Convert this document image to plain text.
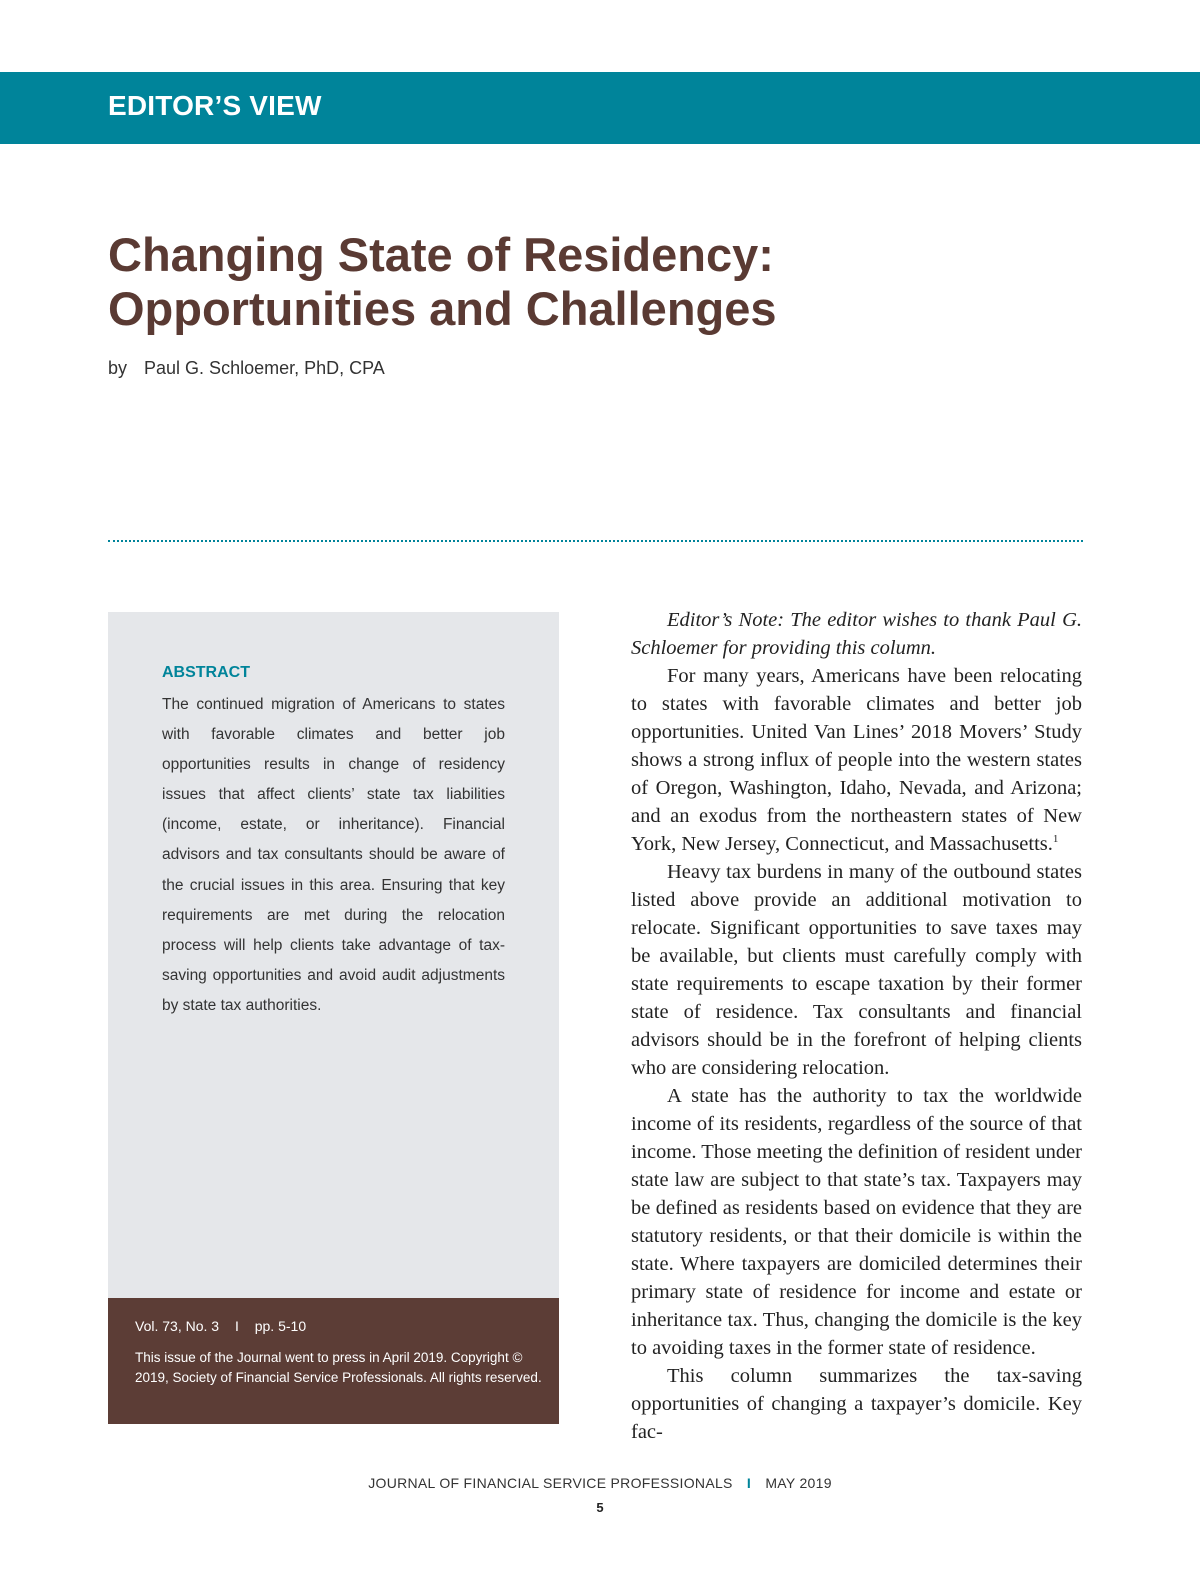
EDITOR’S VIEW
Changing State of Residency: Opportunities and Challenges
by Paul G. Schloemer, PhD, CPA
ABSTRACT

The continued migration of Americans to states with favorable climates and better job opportunities results in change of residency issues that affect clients’ state tax liabilities (income, estate, or inheritance). Financial advisors and tax consultants should be aware of the crucial issues in this area. Ensuring that key requirements are met during the relocation process will help clients take advantage of tax-saving opportunities and avoid audit adjustments by state tax authorities.

Vol. 73, No. 3 I pp. 5-10

This issue of the Journal went to press in April 2019. Copyright © 2019, Society of Financial Service Professionals. All rights reserved.

Editor’s Note: The editor wishes to thank Paul G. Schloemer for providing this column.

For many years, Americans have been relocating to states with favorable climates and better job opportunities. United Van Lines’ 2018 Movers’ Study shows a strong influx of people into the western states of Oregon, Washington, Idaho, Nevada, and Arizona; and an exodus from the northeastern states of New York, New Jersey, Connecticut, and Massachusetts.$^1$

Heavy tax burdens in many of the outbound states listed above provide an additional motivation to relocate. Significant opportunities to save taxes may be available, but clients must carefully comply with state requirements to escape taxation by their former state of residence. Tax consultants and financial advisors should be in the forefront of helping clients who are considering relocation.

A state has the authority to tax the worldwide income of its residents, regardless of the source of that income. Those meeting the definition of resident under state law are subject to that state’s tax. Taxpayers may be defined as residents based on evidence that they are statutory residents, or that their domicile is within the state. Where taxpayers are domiciled determines their primary state of residence for income and estate or inheritance tax. Thus, changing the domicile is the key to avoiding taxes in the former state of residence.

This column summarizes the tax-saving opportunities of changing a taxpayer’s domicile. Key fac-

JOURNAL OF FINANCIAL SERVICE PROFESSIONALS I MAY 2019
5
